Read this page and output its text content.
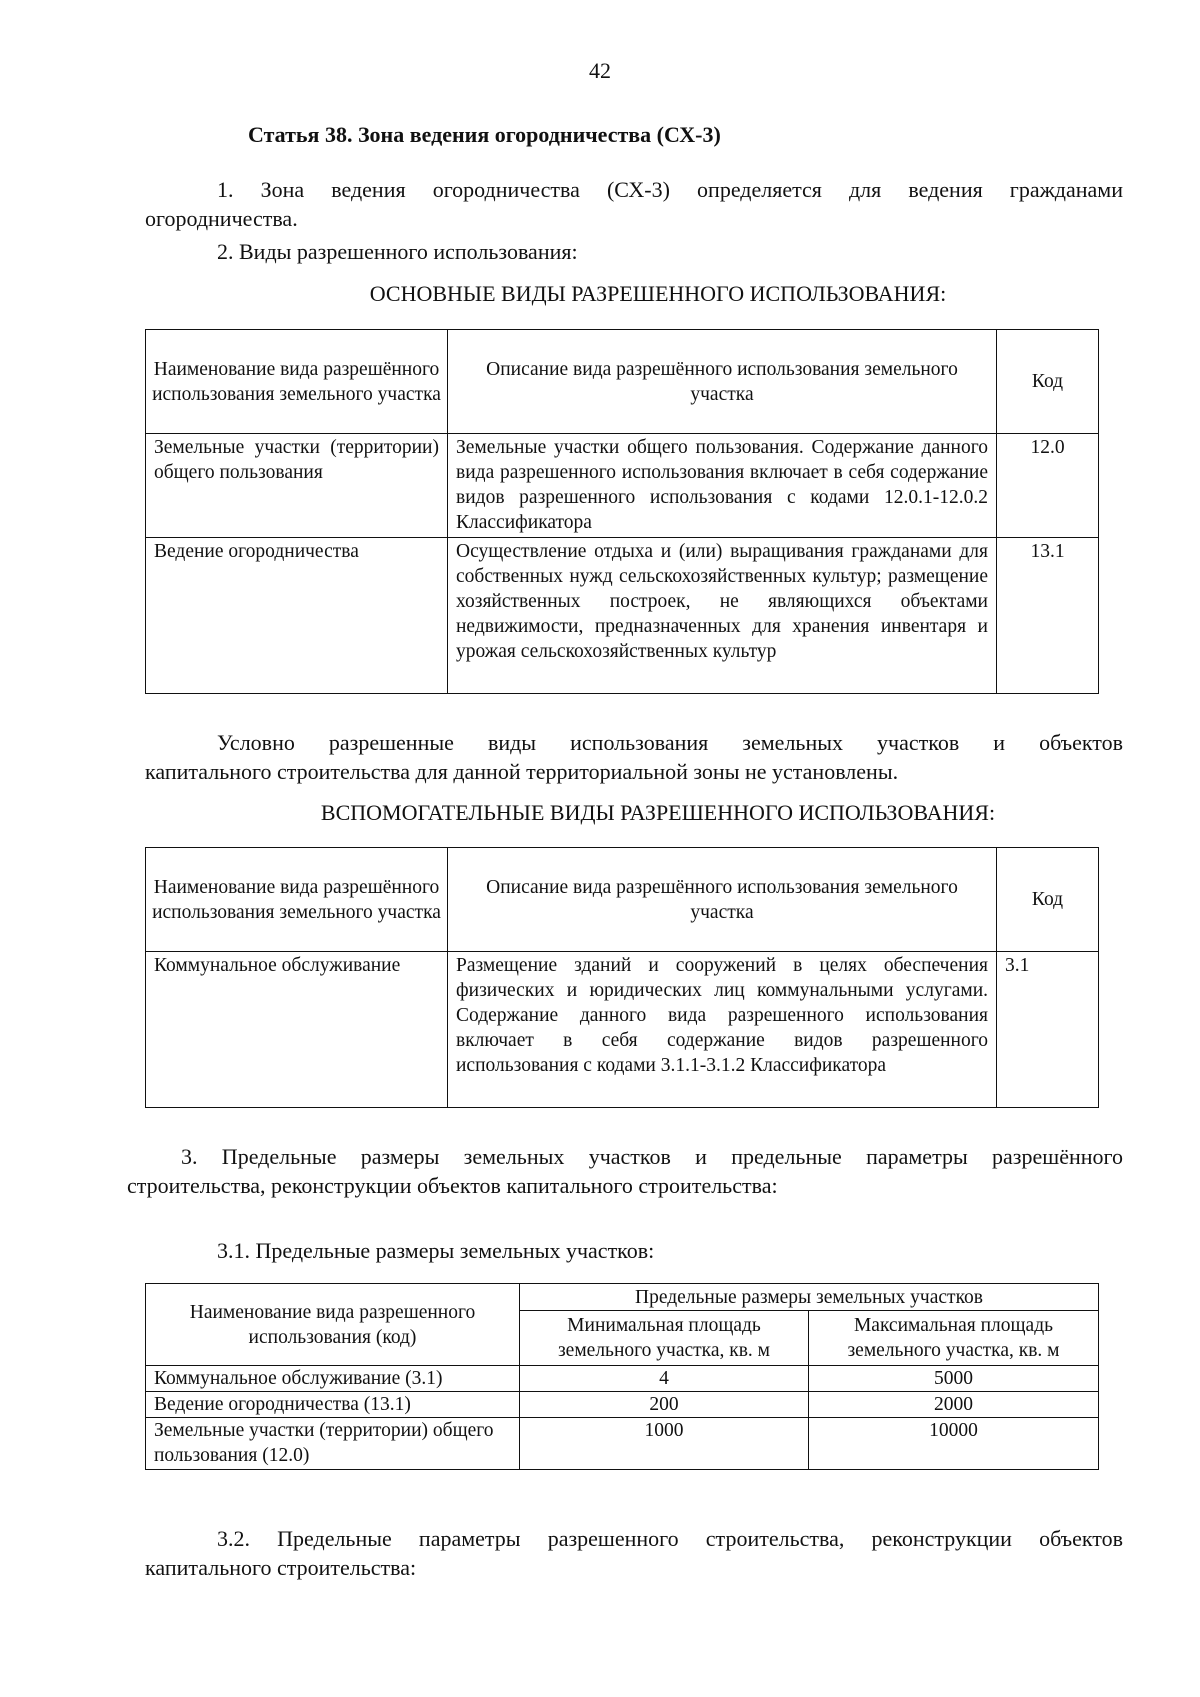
42
Статья 38. Зона ведения огородничества (СХ-3)
1. Зона ведения огородничества (СХ-3) определяется для ведения гражданами
огородничества.
2. Виды разрешенного использования:
ОСНОВНЫЕ ВИДЫ РАЗРЕШЕННОГО ИСПОЛЬЗОВАНИЯ:
Наименование вида разрешённого использования земельного участка	Описание вида разрешённого использования земельного участка	Код
Земельные участки (территории) общего пользования	Земельные участки общего пользования. Содержание данного вида разрешенного использования включает в себя содержание видов разрешенного использования с кодами 12.0.1-12.0.2 Классификатора	12.0
Ведение огородничества	Осуществление отдыха и (или) выращивания гражданами для собственных нужд сельскохозяйственных культур; размещение хозяйственных построек, не являющихся объектами недвижимости, предназначенных для хранения инвентаря и урожая сельскохозяйственных культур	13.1
Условно разрешенные виды использования земельных участков и объектов
капитального строительства для данной территориальной зоны не установлены.
ВСПОМОГАТЕЛЬНЫЕ ВИДЫ РАЗРЕШЕННОГО ИСПОЛЬЗОВАНИЯ:
Наименование вида разрешённого использования земельного участка	Описание вида разрешённого использования земельного участка	Код
Коммунальное обслуживание	Размещение зданий и сооружений в целях обеспечения физических и юридических лиц коммунальными услугами. Содержание данного вида разрешенного использования включает в себя содержание видов разрешенного использования с кодами 3.1.1-3.1.2 Классификатора	3.1
3. Предельные размеры земельных участков и предельные параметры разрешённого
строительства, реконструкции объектов капитального строительства:
3.1. Предельные размеры земельных участков:
Наименование вида разрешенного использования (код)	Предельные размеры земельных участков	
	Минимальная площадь земельного участка, кв. м	Максимальная площадь земельного участка, кв. м
Коммунальное обслуживание (3.1)	4	5000
Ведение огородничества (13.1)	200	2000
Земельные участки (территории) общего пользования (12.0)	1000	10000
3.2. Предельные параметры разрешенного строительства, реконструкции объектов
капитального строительства:
